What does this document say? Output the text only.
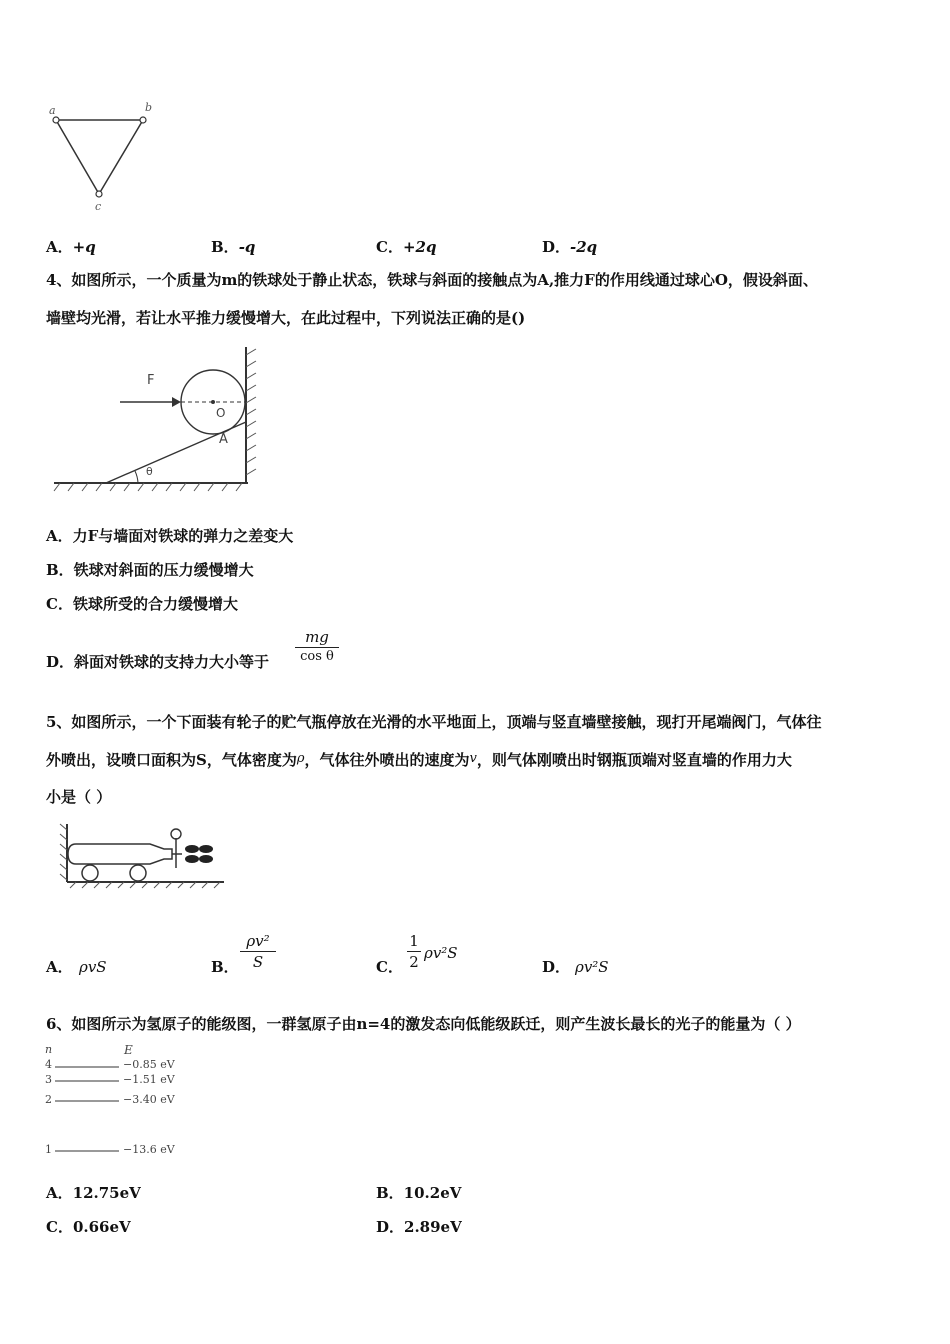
a	b
c
A．+q	B．-q	C．+2q	D．-2q
4、如图所示，一个质量为m的铁球处于静止状态，铁球与斜面的接触点为A,推力F的作用线通过球心O，假设斜面、
墙壁均光滑，若让水平推力缓慢增大，在此过程中，下列说法正确的是()
F
O
A
θ
A．力F与墙面对铁球的弹力之差变大
B．铁球对斜面的压力缓慢增大
C．铁球所受的合力缓慢增大
D．斜面对铁球的支持力大小等于
mg
cos θ
5、如图所示，一个下面装有轮子的贮气瓶停放在光滑的水平地面上，顶端与竖直墙壁接触，现打开尾端阀门，气体往
外喷出，设喷口面积为S，气体密度为ρ，气体往外喷出的速度为v，则气体刚喷出时钢瓶顶端对竖直墙的作用力大
小是（ ）
A． ρvS	B．
ρv²
S	C．
1
2 ρv²S
D． ρv²S
6、如图所示为氢原子的能级图，一群氢原子由n=4的激发态向低能级跃迁，则产生波长最长的光子的能量为（ ）
n	E
4	−0.85 eV
3	−1.51 eV
2	−3.40 eV
1	−13.6 eV
A．12.75eV	B．10.2eV
C．0.66eV	D．2.89eV
